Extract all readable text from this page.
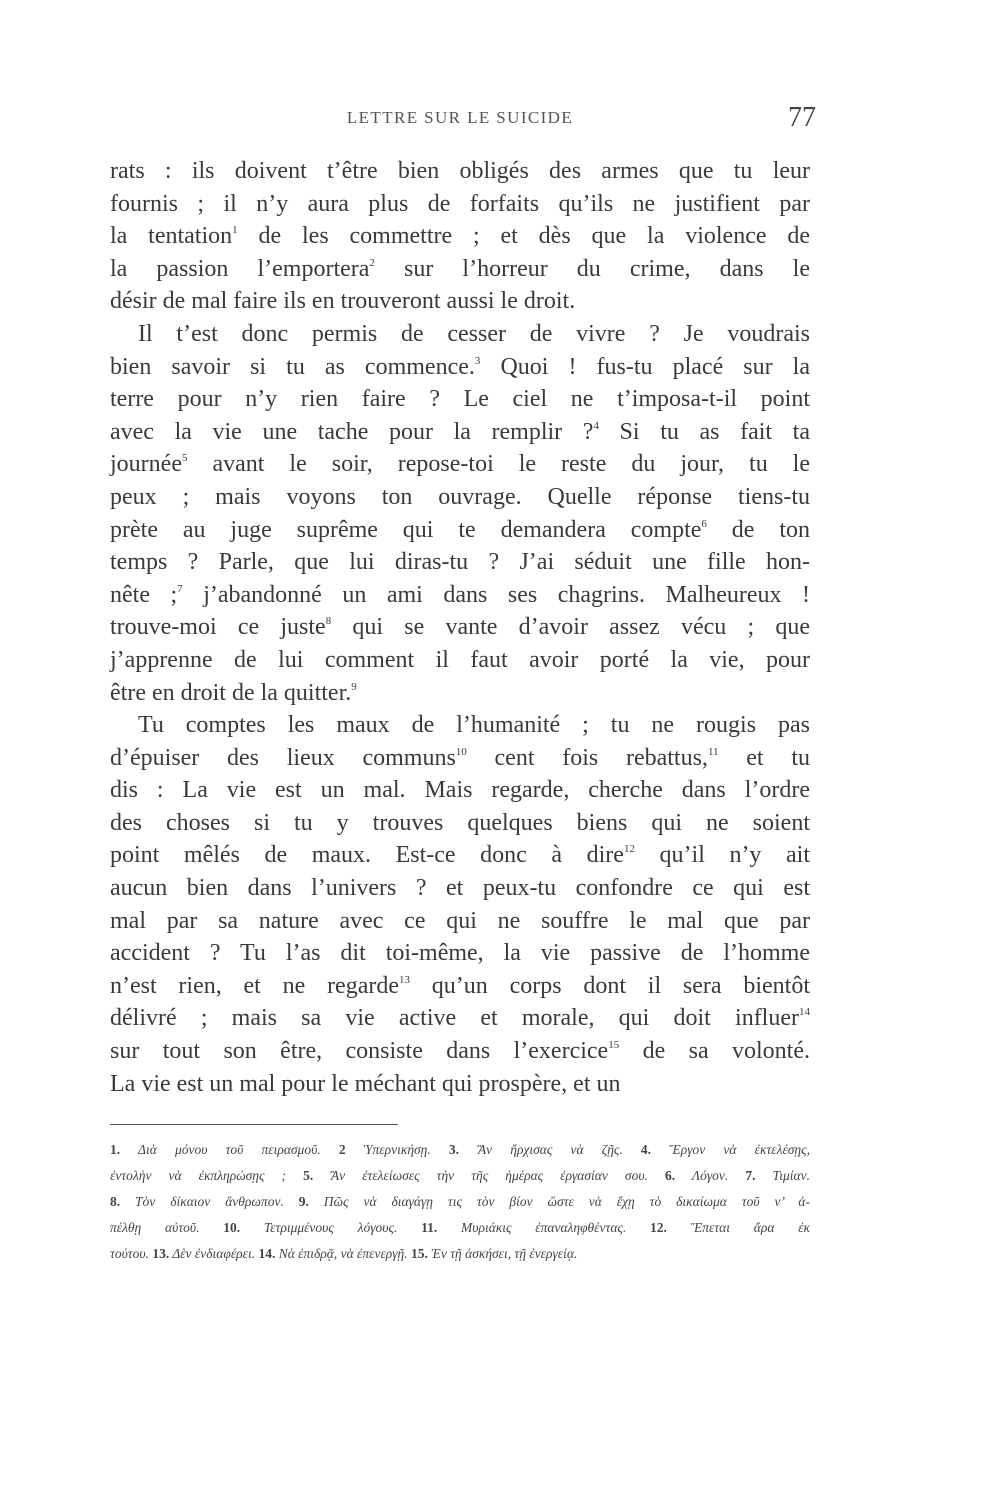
LETTRE SUR LE SUICIDE	77
rats : ils doivent t’être bien obligés des armes que tu leur
fournis ; il n’y aura plus de forfaits qu’ils ne justifient par
la tentation$^1$ de les commettre ; et dès que la violence de
la passion l’emportera$^2$ sur l’horreur du crime, dans le
désir de mal faire ils en trouveront aussi le droit.
Il t’est donc permis de cesser de vivre ? Je voudrais
bien savoir si tu as commence.$^3$ Quoi ! fus-tu placé sur la
terre pour n’y rien faire ? Le ciel ne t’imposa-t-il point
avec la vie une tache pour la remplir ?$^4$ Si tu as fait ta
journée$^5$ avant le soir, repose-toi le reste du jour, tu le
peux ; mais voyons ton ouvrage. Quelle réponse tiens-tu
prète au juge suprême qui te demandera compte$^6$ de ton
temps ? Parle, que lui diras-tu ? J’ai séduit une fille hon-
nête ;$^7$ j’abandonné un ami dans ses chagrins. Malheureux !
trouve-moi ce juste$^8$ qui se vante d’avoir assez vécu ; que
j’apprenne de lui comment il faut avoir porté la vie, pour
être en droit de la quitter.$^9$
Tu comptes les maux de l’humanité ; tu ne rougis pas
d’épuiser des lieux communs$^{10}$ cent fois rebattus,$^{11}$ et tu
dis : La vie est un mal. Mais regarde, cherche dans l’ordre
des choses si tu y trouves quelques biens qui ne soient
point mêlés de maux. Est-ce donc à dire$^{12}$ qu’il n’y ait
aucun bien dans l’univers ? et peux-tu confondre ce qui est
mal par sa nature avec ce qui ne souffre le mal que par
accident ? Tu l’as dit toi-même, la vie passive de l’homme
n’est rien, et ne regarde$^{13}$ qu’un corps dont il sera bientôt
délivré ; mais sa vie active et morale, qui doit influer$^{14}$
sur tout son être, consiste dans l’exercice$^{15}$ de sa volonté.
La vie est un mal pour le méchant qui prospère, et un
1. Διὰ μόνου τοῦ πειρασμοῦ. 2 Ὑπερνικήσῃ. 3. Ἂν ἤρχισας νὰ ζῇς. 4. Ἔργον νὰ ἐκτελέσῃς,
ἐντολὴν νὰ ἐκπληρώσῃς ; 5. Ἂν ἐτελείωσες τὴν τῆς ἡμέρας ἐργασίαν σου. 6. Λόγον. 7. Τιμίαν.
8. Τὸν δίκαιον ἄνθρωπον. 9. Πῶς νὰ διαγάγῃ τις τὸν βίον ὥστε νὰ ἔχῃ τὸ δικαίωμα τοῦ ν’ ἀ-
πέλθῃ αὐτοῦ. 10. Τετριμμένους λόγους. 11. Μυριάκις ἐπαναληφθέντας. 12. Ἕπεται ἄρα ἐκ
τούτου. 13. Δὲν ἐνδιαφέρει. 14. Νὰ ἐπιδρᾷ, νὰ ἐπενεργῇ. 15. Ἐν τῇ ἀσκήσει, τῇ ἐνεργείᾳ.
